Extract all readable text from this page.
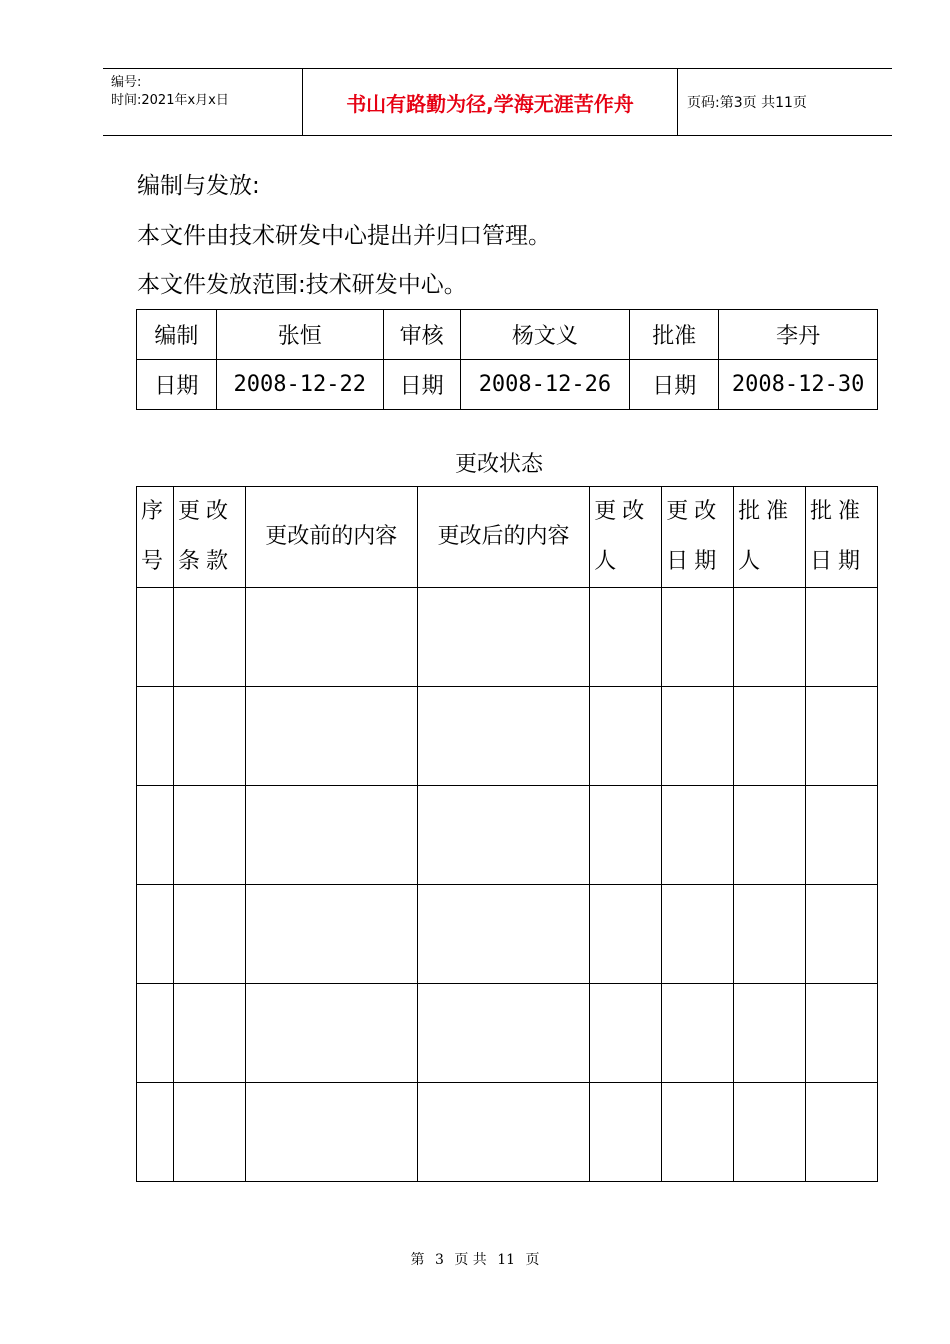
编号:
时间:2021年x月x日	书山有路勤为径,学海无涯苦作舟	页码:第3页 共11页
编制与发放:
本文件由技术研发中心提出并归口管理。
本文件发放范围:技术研发中心。
编制	张恒	审核	杨文义	批准	李丹
日期	2008-12-22	日期	2008-12-26	日期	2008-12-30
更改状态
序号	更改条款	更改前的内容	更改后的内容	更改人	更改日期	批准人	批准日期

第 3 页 共 11 页
